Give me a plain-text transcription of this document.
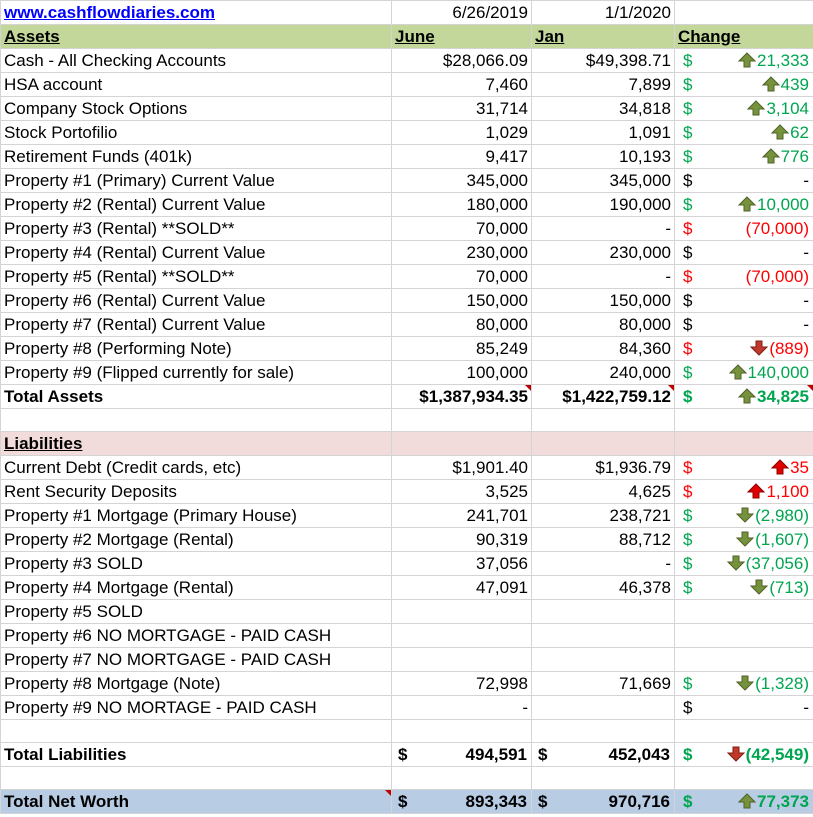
www.cashflowdiaries.com	6/26/2019	1/1/2020	
Assets	June	Jan	Change
Cash - All Checking Accounts	$28,066.09	$49,398.71	$ 21,333

HSA account	7,460	7,899	$ 439

Company Stock Options	31,714	34,818	$ 3,104

Stock Portofilio	1,029	1,091	$ 62

Retirement Funds (401k)	9,417	10,193	$ 776

Property #1 (Primary) Current Value	345,000	345,000	$ -

Property #2 (Rental) Current Value	180,000	190,000	$ 10,000

Property #3 (Rental) **SOLD**	70,000	-	$ (70,000)

Property #4 (Rental) Current Value	230,000	230,000	$ -

Property #5 (Rental) **SOLD**	70,000	-	$ (70,000)

Property #6 (Rental) Current Value	150,000	150,000	$ -

Property #7 (Rental) Current Value	80,000	80,000	$ -

Property #8 (Performing Note)	85,249	84,360	$ (889)

Property #9 (Flipped currently for sale)	100,000	240,000	$ 140,000

Total Assets	$1,387,934.35	$1,422,759.12	$ 34,825

Liabilities			
Current Debt (Credit cards, etc)	$1,901.40	$1,936.79	$ 35

Rent Security Deposits	3,525	4,625	$ 1,100

Property #1 Mortgage (Primary House)	241,701	238,721	$ (2,980)

Property #2 Mortgage (Rental)	90,319	88,712	$ (1,607)

Property #3 SOLD	37,056	-	$ (37,056)

Property #4 Mortgage (Rental)	47,091	46,378	$ (713)

Property #5 SOLD			

Property #6 NO MORTGAGE - PAID CASH			

Property #7 NO MORTGAGE - PAID CASH			

Property #8 Mortgage (Note)	72,998	71,669	$ (1,328)

Property #9 NO MORTAGE - PAID CASH	-		$ -

Total Liabilities	$ 494,591	$ 452,043	$ (42,549)

Total Net Worth	$ 893,343	$ 970,716	$ 77,373
